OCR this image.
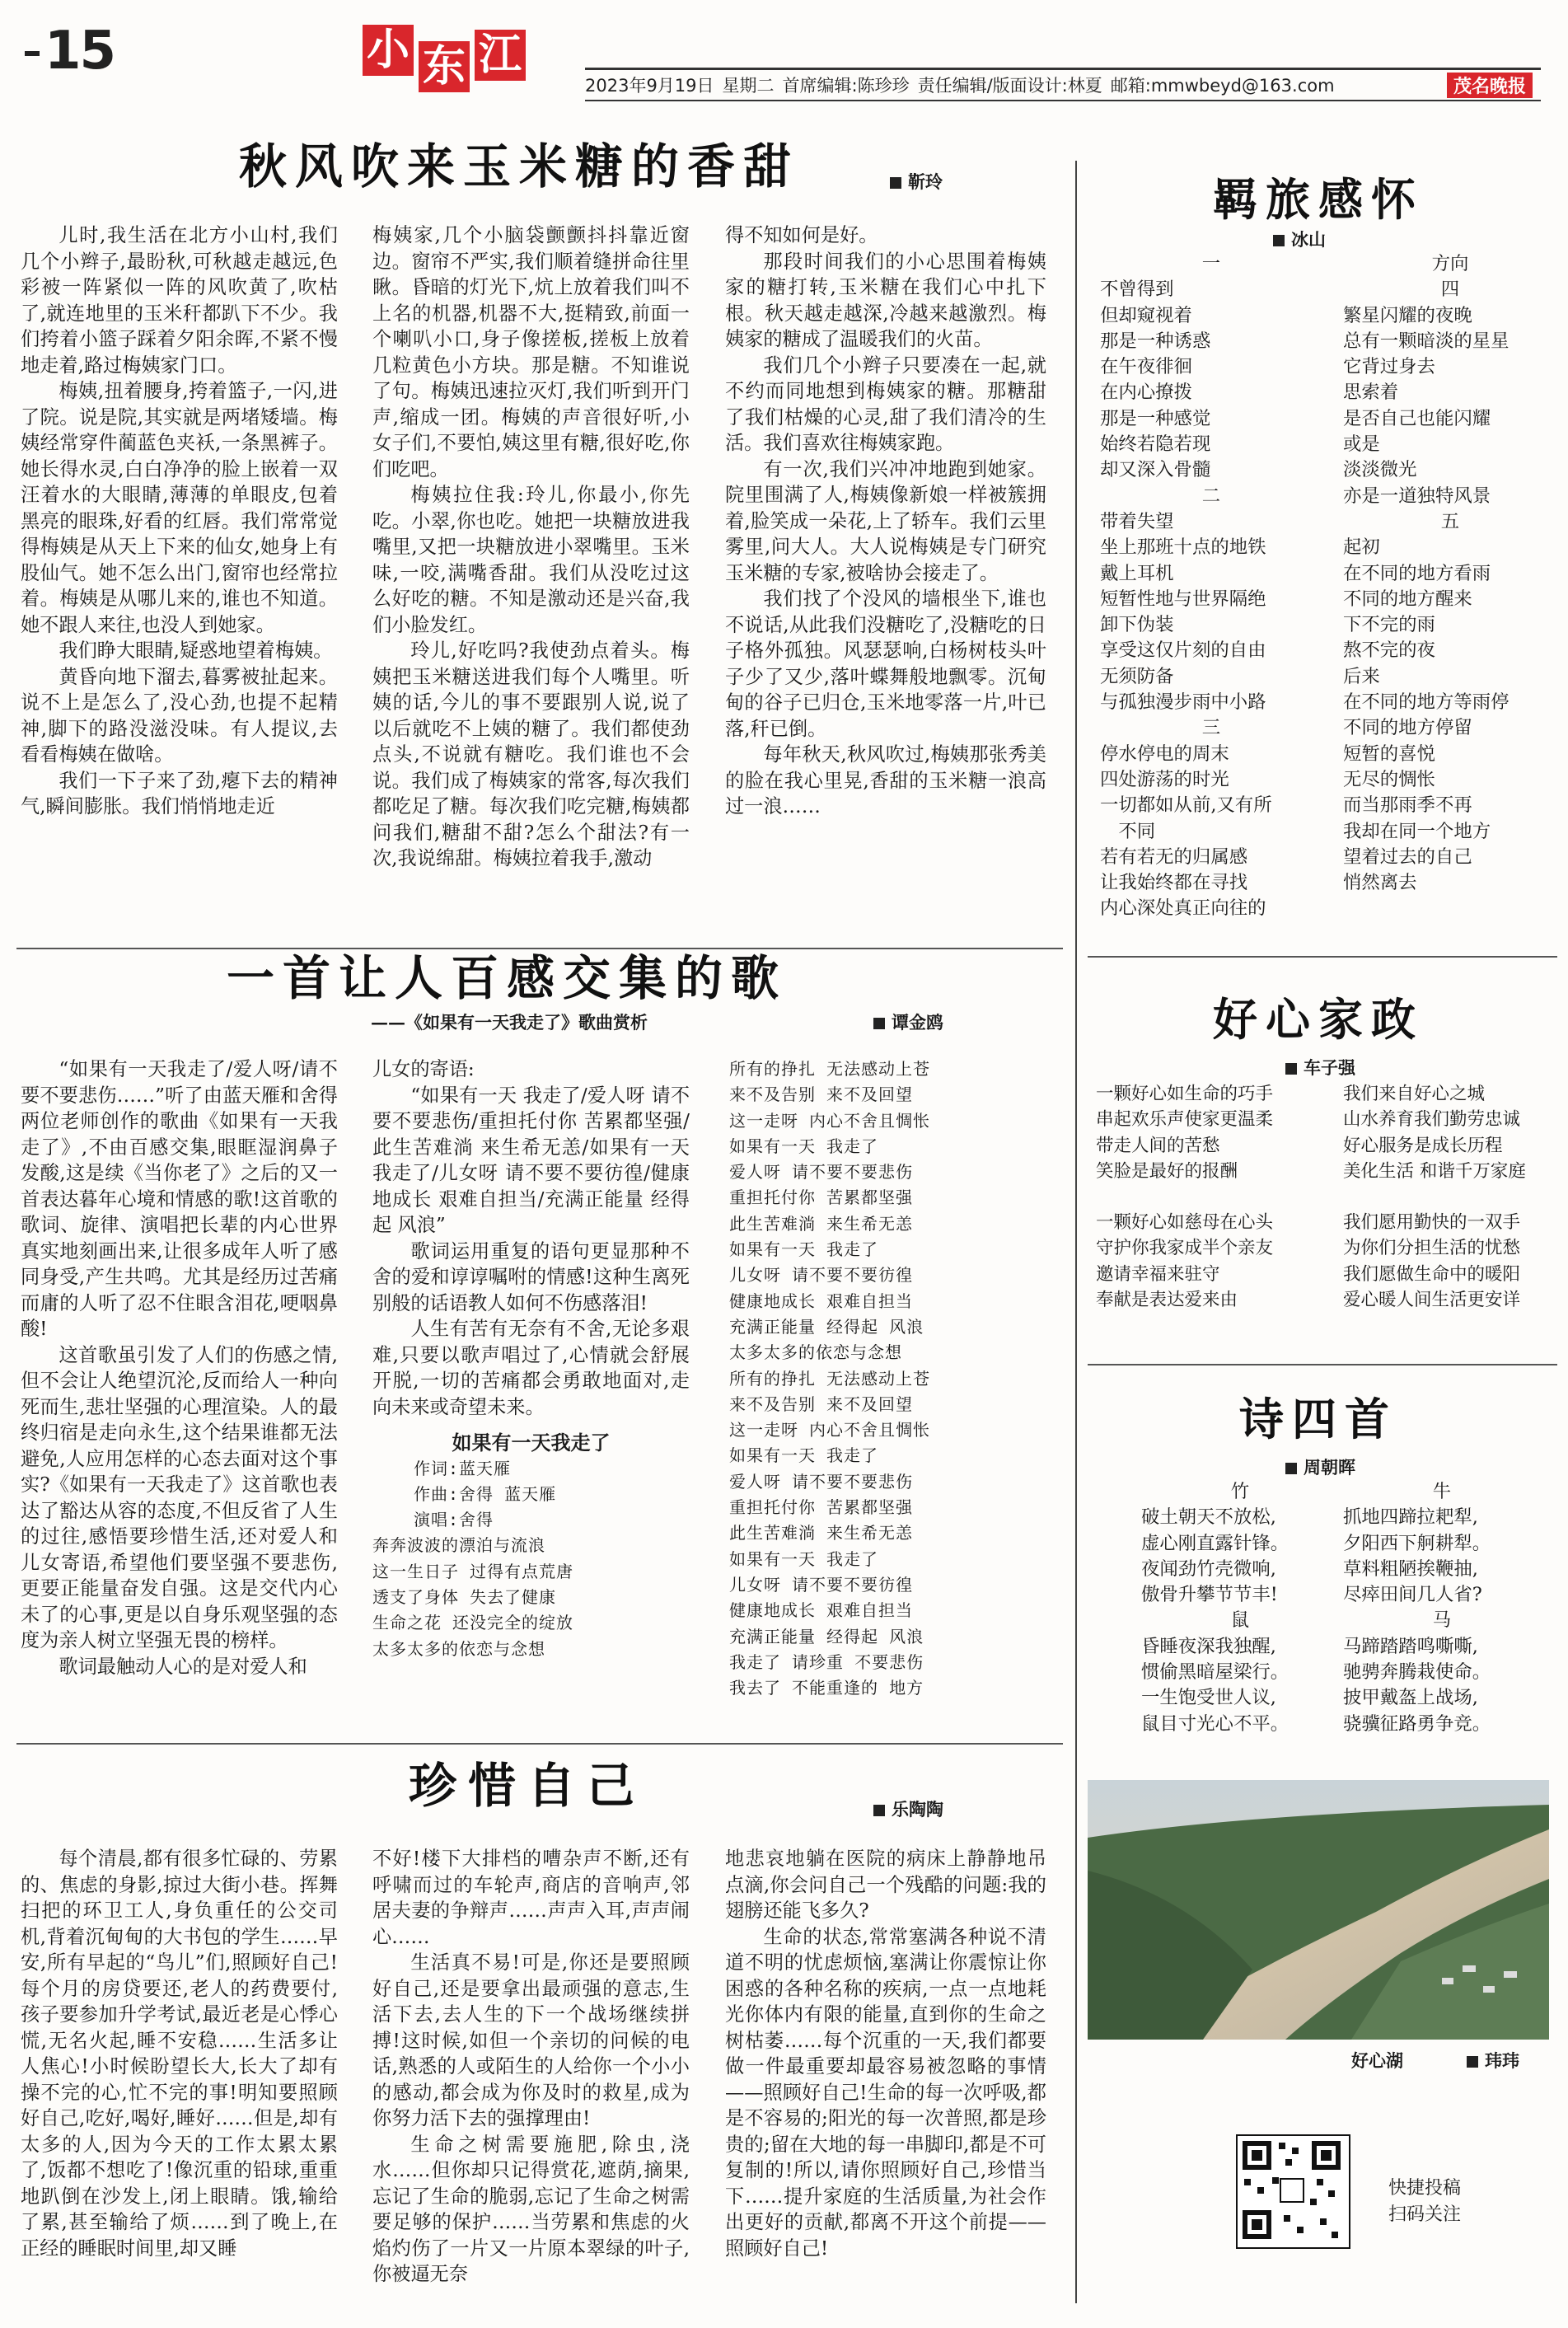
15	小 东 江
2023年9月19日 星期二 首席编辑:陈珍珍 责任编辑/版面设计:林夏 邮箱:mmwbeyd@163.com	茂名晚报
秋风吹来玉米糖的香甜	靳玲

儿时,我生活在北方小山村,我们几个小辫子,最盼秋,可秋越走越远,色彩被一阵紧似一阵的风吹黄了,吹枯了,就连地里的玉米秆都趴下不少。我们挎着小篮子踩着夕阳余晖,不紧不慢地走着,路过梅姨家门口。

梅姨,扭着腰身,挎着篮子,一闪,进了院。说是院,其实就是两堵矮墙。梅姨经常穿件蔺蓝色夹袄,一条黑裤子。她长得水灵,白白净净的脸上嵌着一双汪着水的大眼睛,薄薄的单眼皮,包着黑亮的眼珠,好看的红唇。我们常常觉得梅姨是从天上下来的仙女,她身上有股仙气。她不怎么出门,窗帘也经常拉着。梅姨是从哪儿来的,谁也不知道。她不跟人来往,也没人到她家。

我们睁大眼睛,疑惑地望着梅姨。

黄昏向地下溜去,暮雾被扯起来。说不上是怎么了,没心劲,也提不起精神,脚下的路没滋没味。有人提议,去看看梅姨在做啥。

我们一下子来了劲,瘪下去的精神气,瞬间膨胀。我们悄悄地走近

梅姨家,几个小脑袋颤颤抖抖靠近窗边。窗帘不严实,我们顺着缝拼命往里瞅。昏暗的灯光下,炕上放着我们叫不上名的机器,机器不大,挺精致,前面一个喇叭小口,身子像搓板,搓板上放着几粒黄色小方块。那是糖。不知谁说了句。梅姨迅速拉灭灯,我们听到开门声,缩成一团。梅姨的声音很好听,小女子们,不要怕,姨这里有糖,很好吃,你们吃吧。

梅姨拉住我:玲儿,你最小,你先吃。小翠,你也吃。她把一块糖放进我嘴里,又把一块糖放进小翠嘴里。玉米味,一咬,满嘴香甜。我们从没吃过这么好吃的糖。不知是激动还是兴奋,我们小脸发红。

玲儿,好吃吗?我使劲点着头。梅姨把玉米糖送进我们每个人嘴里。听姨的话,今儿的事不要跟别人说,说了以后就吃不上姨的糖了。我们都使劲点头,不说就有糖吃。我们谁也不会说。我们成了梅姨家的常客,每次我们都吃足了糖。每次我们吃完糖,梅姨都问我们,糖甜不甜?怎么个甜法?有一次,我说绵甜。梅姨拉着我手,激动

得不知如何是好。

那段时间我们的小心思围着梅姨家的糖打转,玉米糖在我们心中扎下根。秋天越走越深,冷越来越激烈。梅姨家的糖成了温暖我们的火苗。

我们几个小辫子只要凑在一起,就不约而同地想到梅姨家的糖。那糖甜了我们枯燥的心灵,甜了我们清冷的生活。我们喜欢往梅姨家跑。

有一次,我们兴冲冲地跑到她家。院里围满了人,梅姨像新娘一样被簇拥着,脸笑成一朵花,上了轿车。我们云里雾里,问大人。大人说梅姨是专门研究玉米糖的专家,被啥协会接走了。

我们找了个没风的墙根坐下,谁也不说话,从此我们没糖吃了,没糖吃的日子格外孤独。风瑟瑟响,白杨树枝头叶子少了又少,落叶蝶舞般地飘零。沉甸甸的谷子已归仓,玉米地零落一片,叶已落,秆已倒。

每年秋天,秋风吹过,梅姨那张秀美的脸在我心里晃,香甜的玉米糖一浪高过一浪……

一首让人百感交集的歌
——《如果有一天我走了》歌曲赏析	谭金鸥

“如果有一天我走了/爱人呀/请不要不要悲伤……”听了由蓝天雁和舍得两位老师创作的歌曲《如果有一天我走了》,不由百感交集,眼眶湿润鼻子发酸,这是续《当你老了》之后的又一首表达暮年心境和情感的歌!这首歌的歌词、旋律、演唱把长辈的内心世界真实地刻画出来,让很多成年人听了感同身受,产生共鸣。尤其是经历过苦痛而庸的人听了忍不住眼含泪花,哽咽鼻酸!

这首歌虽引发了人们的伤感之情,但不会让人绝望沉沦,反而给人一种向死而生,悲壮坚强的心理渲染。人的最终归宿是走向永生,这个结果谁都无法避免,人应用怎样的心态去面对这个事实?《如果有一天我走了》这首歌也表达了豁达从容的态度,不但反省了人生的过往,感悟要珍惜生活,还对爱人和儿女寄语,希望他们要坚强不要悲伤,更要正能量奋发自强。这是交代内心未了的心事,更是以自身乐观坚强的态度为亲人树立坚强无畏的榜样。

歌词最触动人心的是对爱人和

儿女的寄语:

“如果有一天 我走了/爱人呀 请不要不要悲伤/重担托付你 苦累都坚强/此生苦难淌 来生希无恙/如果有一天 我走了/儿女呀 请不要不要彷徨/健康地成长 艰难自担当/充满正能量 经得起 风浪”

歌词运用重复的语句更显那种不舍的爱和谆谆嘱咐的情感!这种生离死别般的话语教人如何不伤感落泪!

人生有苦有无奈有不舍,无论多艰难,只要以歌声唱过了,心情就会舒展开脱,一切的苦痛都会勇敢地面对,走向未来或奇望未来。

如果有一天我走了
作词:蓝天雁
作曲:舍得 蓝天雁
演唱:舍得
奔奔波波的漂泊与流浪
这一生日子 过得有点荒唐
透支了身体 失去了健康
生命之花 还没完全的绽放
太多太多的依恋与念想
所有的挣扎 无法感动上苍
来不及告别 来不及回望
这一走呀 内心不舍且惆怅
如果有一天 我走了
爱人呀 请不要不要悲伤
重担托付你 苦累都坚强
此生苦难淌 来生希无恙
如果有一天 我走了
儿女呀 请不要不要彷徨
健康地成长 艰难自担当
充满正能量 经得起 风浪
太多太多的依恋与念想
所有的挣扎 无法感动上苍
来不及告别 来不及回望
这一走呀 内心不舍且惆怅
如果有一天 我走了
爱人呀 请不要不要悲伤
重担托付你 苦累都坚强
此生苦难淌 来生希无恙
如果有一天 我走了
儿女呀 请不要不要彷徨
健康地成长 艰难自担当
充满正能量 经得起 风浪
我走了 请珍重 不要悲伤
我去了 不能重逢的 地方
珍惜自己	乐陶陶

每个清晨,都有很多忙碌的、劳累的、焦虑的身影,掠过大街小巷。挥舞扫把的环卫工人,身负重任的公交司机,背着沉甸甸的大书包的学生……早安,所有早起的“鸟儿”们,照顾好自己!每个月的房贷要还,老人的药费要付,孩子要参加升学考试,最近老是心悸心慌,无名火起,睡不安稳……生活多让人焦心!小时候盼望长大,长大了却有操不完的心,忙不完的事!明知要照顾好自己,吃好,喝好,睡好……但是,却有太多的人,因为今天的工作太累太累了,饭都不想吃了!像沉重的铅球,重重地趴倒在沙发上,闭上眼睛。饿,输给了累,甚至输给了烦……到了晚上,在正经的睡眠时间里,却又睡

不好!楼下大排档的嘈杂声不断,还有呼啸而过的车轮声,商店的音响声,邻居夫妻的争辩声……声声入耳,声声闹心……

生活真不易!可是,你还是要照顾好自己,还是要拿出最顽强的意志,生活下去,去人生的下一个战场继续拼搏!这时候,如但一个亲切的问候的电话,熟悉的人或陌生的人给你一个小小的感动,都会成为你及时的救星,成为你努力活下去的强撑理由!

生命之树需要施肥,除虫,浇水……但你却只记得赏花,遮荫,摘果,忘记了生命的脆弱,忘记了生命之树需要足够的保护……当劳累和焦虑的火焰灼伤了一片又一片原本翠绿的叶子,你被逼无奈

地悲哀地躺在医院的病床上静静地吊点滴,你会问自己一个残酷的问题:我的翅膀还能飞多久?

生命的状态,常常塞满各种说不清道不明的忧虑烦恼,塞满让你震惊让你困惑的各种名称的疾病,一点一点地耗光你体内有限的能量,直到你的生命之树枯萎……每个沉重的一天,我们都要做一件最重要却最容易被忽略的事情——照顾好自己!生命的每一次呼吸,都是不容易的;阳光的每一次普照,都是珍贵的;留在大地的每一串脚印,都是不可复制的!所以,请你照顾好自己,珍惜当下……提升家庭的生活质量,为社会作出更好的贡献,都离不开这个前提——照顾好自己!

羁旅感怀
冰山
一
不曾得到
但却窥视着
那是一种诱惑
在午夜徘徊
在内心撩拨
那是一种感觉
始终若隐若现
却又深入骨髓
二
带着失望
坐上那班十点的地铁
戴上耳机
短暂性地与世界隔绝
卸下伪装
享受这仅片刻的自由
无须防备
与孤独漫步雨中小路
三
停水停电的周末
四处游荡的时光
一切都如从前,又有所
　不同
若有若无的归属感
让我始终都在寻找
内心深处真正向往的
方向
四
繁星闪耀的夜晚
总有一颗暗淡的星星
它背过身去
思索着
是否自己也能闪耀
或是
淡淡微光
亦是一道独特风景
五
起初
在不同的地方看雨
不同的地方醒来
下不完的雨
熬不完的夜
后来
在不同的地方等雨停
不同的地方停留
短暂的喜悦
无尽的惆怅
而当那雨季不再
我却在同一个地方
望着过去的自己
悄然离去
好心家政
车子强
一颗好心如生命的巧手
串起欢乐声使家更温柔
带走人间的苦愁
笑脸是最好的报酬
一颗好心如慈母在心头
守护你我家成半个亲友
邀请幸福来驻守
奉献是表达爱来由
我们来自好心之城
山水养育我们勤劳忠诚
好心服务是成长历程
美化生活 和谐千万家庭
我们愿用勤快的一双手
为你们分担生活的忧愁
我们愿做生命中的暖阳
爱心暖人间生活更安详
诗四首
周朝晖
竹
破土朝天不放松,
虚心刚直露针锋。
夜闻劲竹壳微响,
傲骨升攀节节丰!
鼠
昏睡夜深我独醒,
惯偷黑暗屋梁行。
一生饱受世人议,
鼠目寸光心不平。
牛
抓地四蹄拉耙犁,
夕阳西下舸耕犁。
草料粗陋挨鞭抽,
尽瘁田间几人省?
马
马蹄踏踏鸣嘶嘶,
驰骋奔腾栽使命。
披甲戴盔上战场,
骁骥征路勇争竞。
好心湖	玮玮
快捷投稿
扫码关注
